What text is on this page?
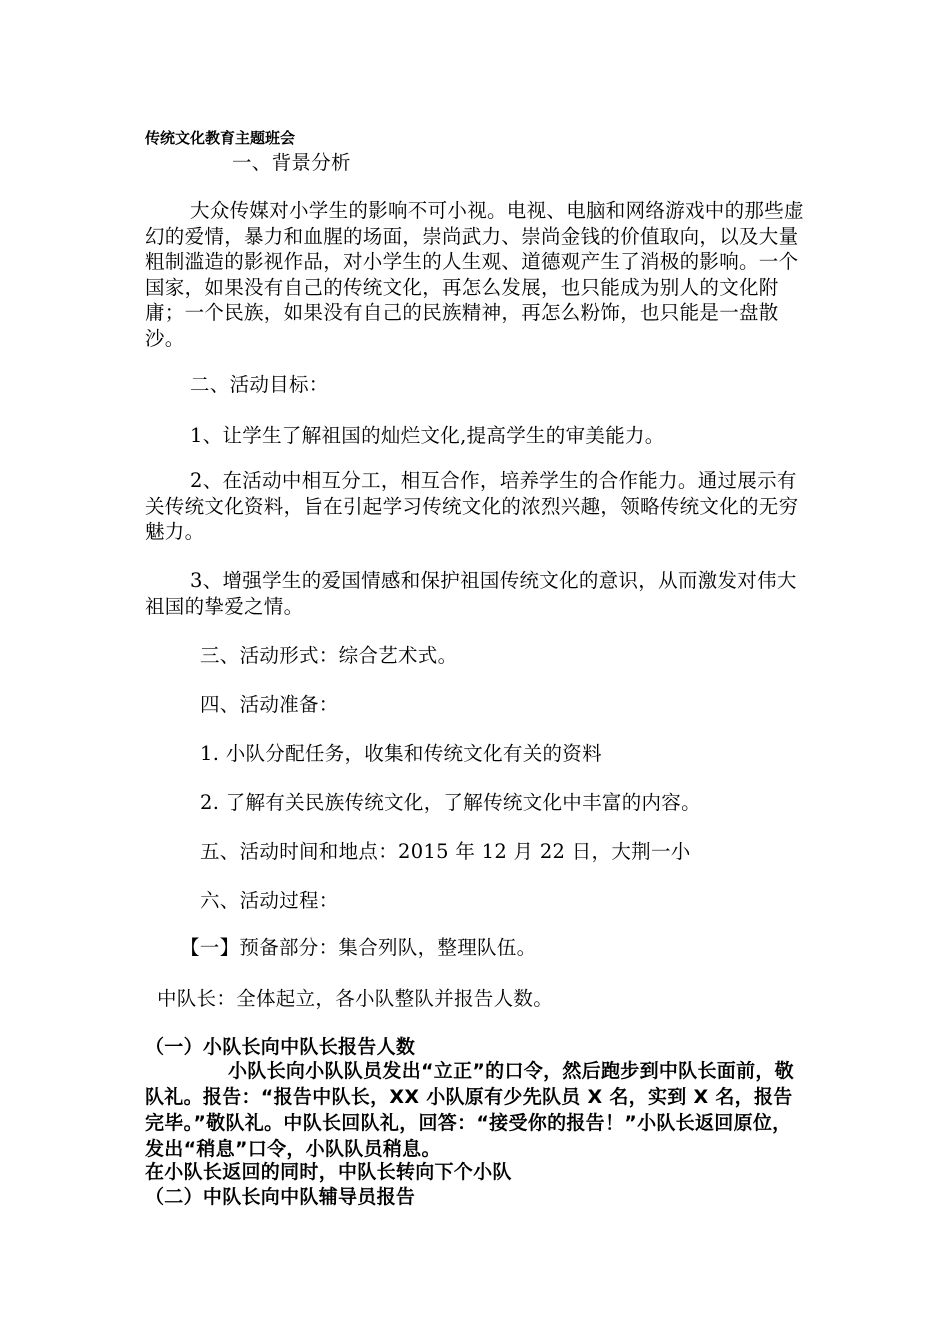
传统文化教育主题班会
一、背景分析
大众传媒对小学生的影响不可小视。电视、电脑和网络游戏中的那些虚幻的爱情，暴力和血腥的场面，崇尚武力、崇尚金钱的价值取向，以及大量粗制滥造的影视作品，对小学生的人生观、道德观产生了消极的影响。一个国家，如果没有自己的传统文化，再怎么发展，也只能成为别人的文化附庸；一个民族，如果没有自己的民族精神，再怎么粉饰，也只能是一盘散沙。
二、活动目标：
1、让学生了解祖国的灿烂文化,提高学生的审美能力。
2、在活动中相互分工，相互合作，培养学生的合作能力。通过展示有关传统文化资料，旨在引起学习传统文化的浓烈兴趣，领略传统文化的无穷魅力。
3、增强学生的爱国情感和保护祖国传统文化的意识，从而激发对伟大祖国的挚爱之情。
三、活动形式：综合艺术式。
四、活动准备：
1. 小队分配任务，收集和传统文化有关的资料
2. 了解有关民族传统文化，了解传统文化中丰富的内容。
五、活动时间和地点：2015 年 12 月 22 日，大荆一小
六、活动过程：
【一】预备部分：集合列队，整理队伍。
中队长：全体起立，各小队整队并报告人数。
（一）小队长向中队长报告人数
小队长向小队队员发出“立正”的口令，然后跑步到中队长面前，敬队礼。报告：“报告中队长，XX 小队原有少先队员 X 名，实到 X 名，报告完毕。”敬队礼。中队长回队礼，回答：“接受你的报告！”小队长返回原位，发出“稍息”口令，小队队员稍息。
在小队长返回的同时，中队长转向下个小队
（二）中队长向中队辅导员报告
